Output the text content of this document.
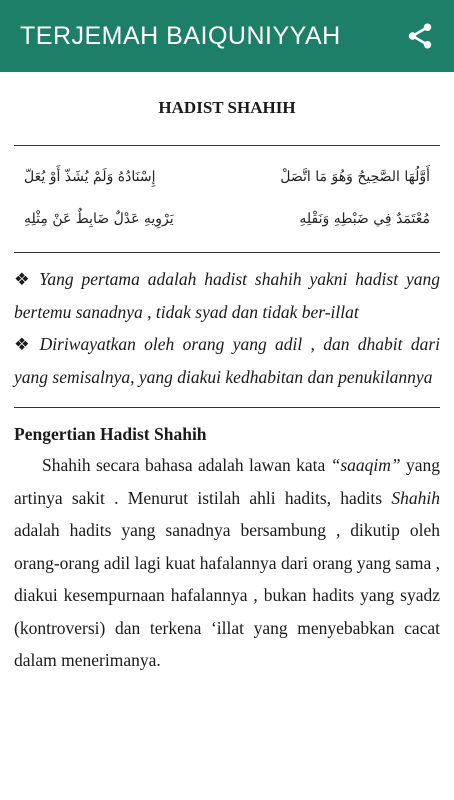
TERJEMAH BAIQUNIYYAH
HADIST SHAHIH
أَوَّلُهَا الصَّحِيحُ وَهُوَ مَا اتَّصَلْ
إِسْنَادُهُ وَلَمْ يُشَذّ أَوْ يُعَلّ
مُعْتَمَدٌ فِي ضَبْطِهِ وَنَقْلِهِ
يَرْوِيهِ عَدْلٌ ضَابِطٌ عَنْ مِثْلِهِ
❖ Yang pertama adalah hadist shahih yakni hadist yang bertemu sanadnya , tidak syad dan tidak ber-illat
❖ Diriwayatkan oleh orang yang adil , dan dhabit dari yang semisalnya, yang diakui kedhabitan dan penukilannya
Pengertian Hadist Shahih

Shahih secara bahasa adalah lawan kata “saaqim” yang artinya sakit . Menurut istilah ahli hadits, hadits Shahih adalah hadits yang sanadnya bersambung , dikutip oleh orang-orang adil lagi kuat hafalannya dari orang yang sama , diakui kesempurnaan hafalannya , bukan hadits yang syadz (kontroversi) dan terkena ‘illat yang menyebabkan cacat dalam menerimanya.
